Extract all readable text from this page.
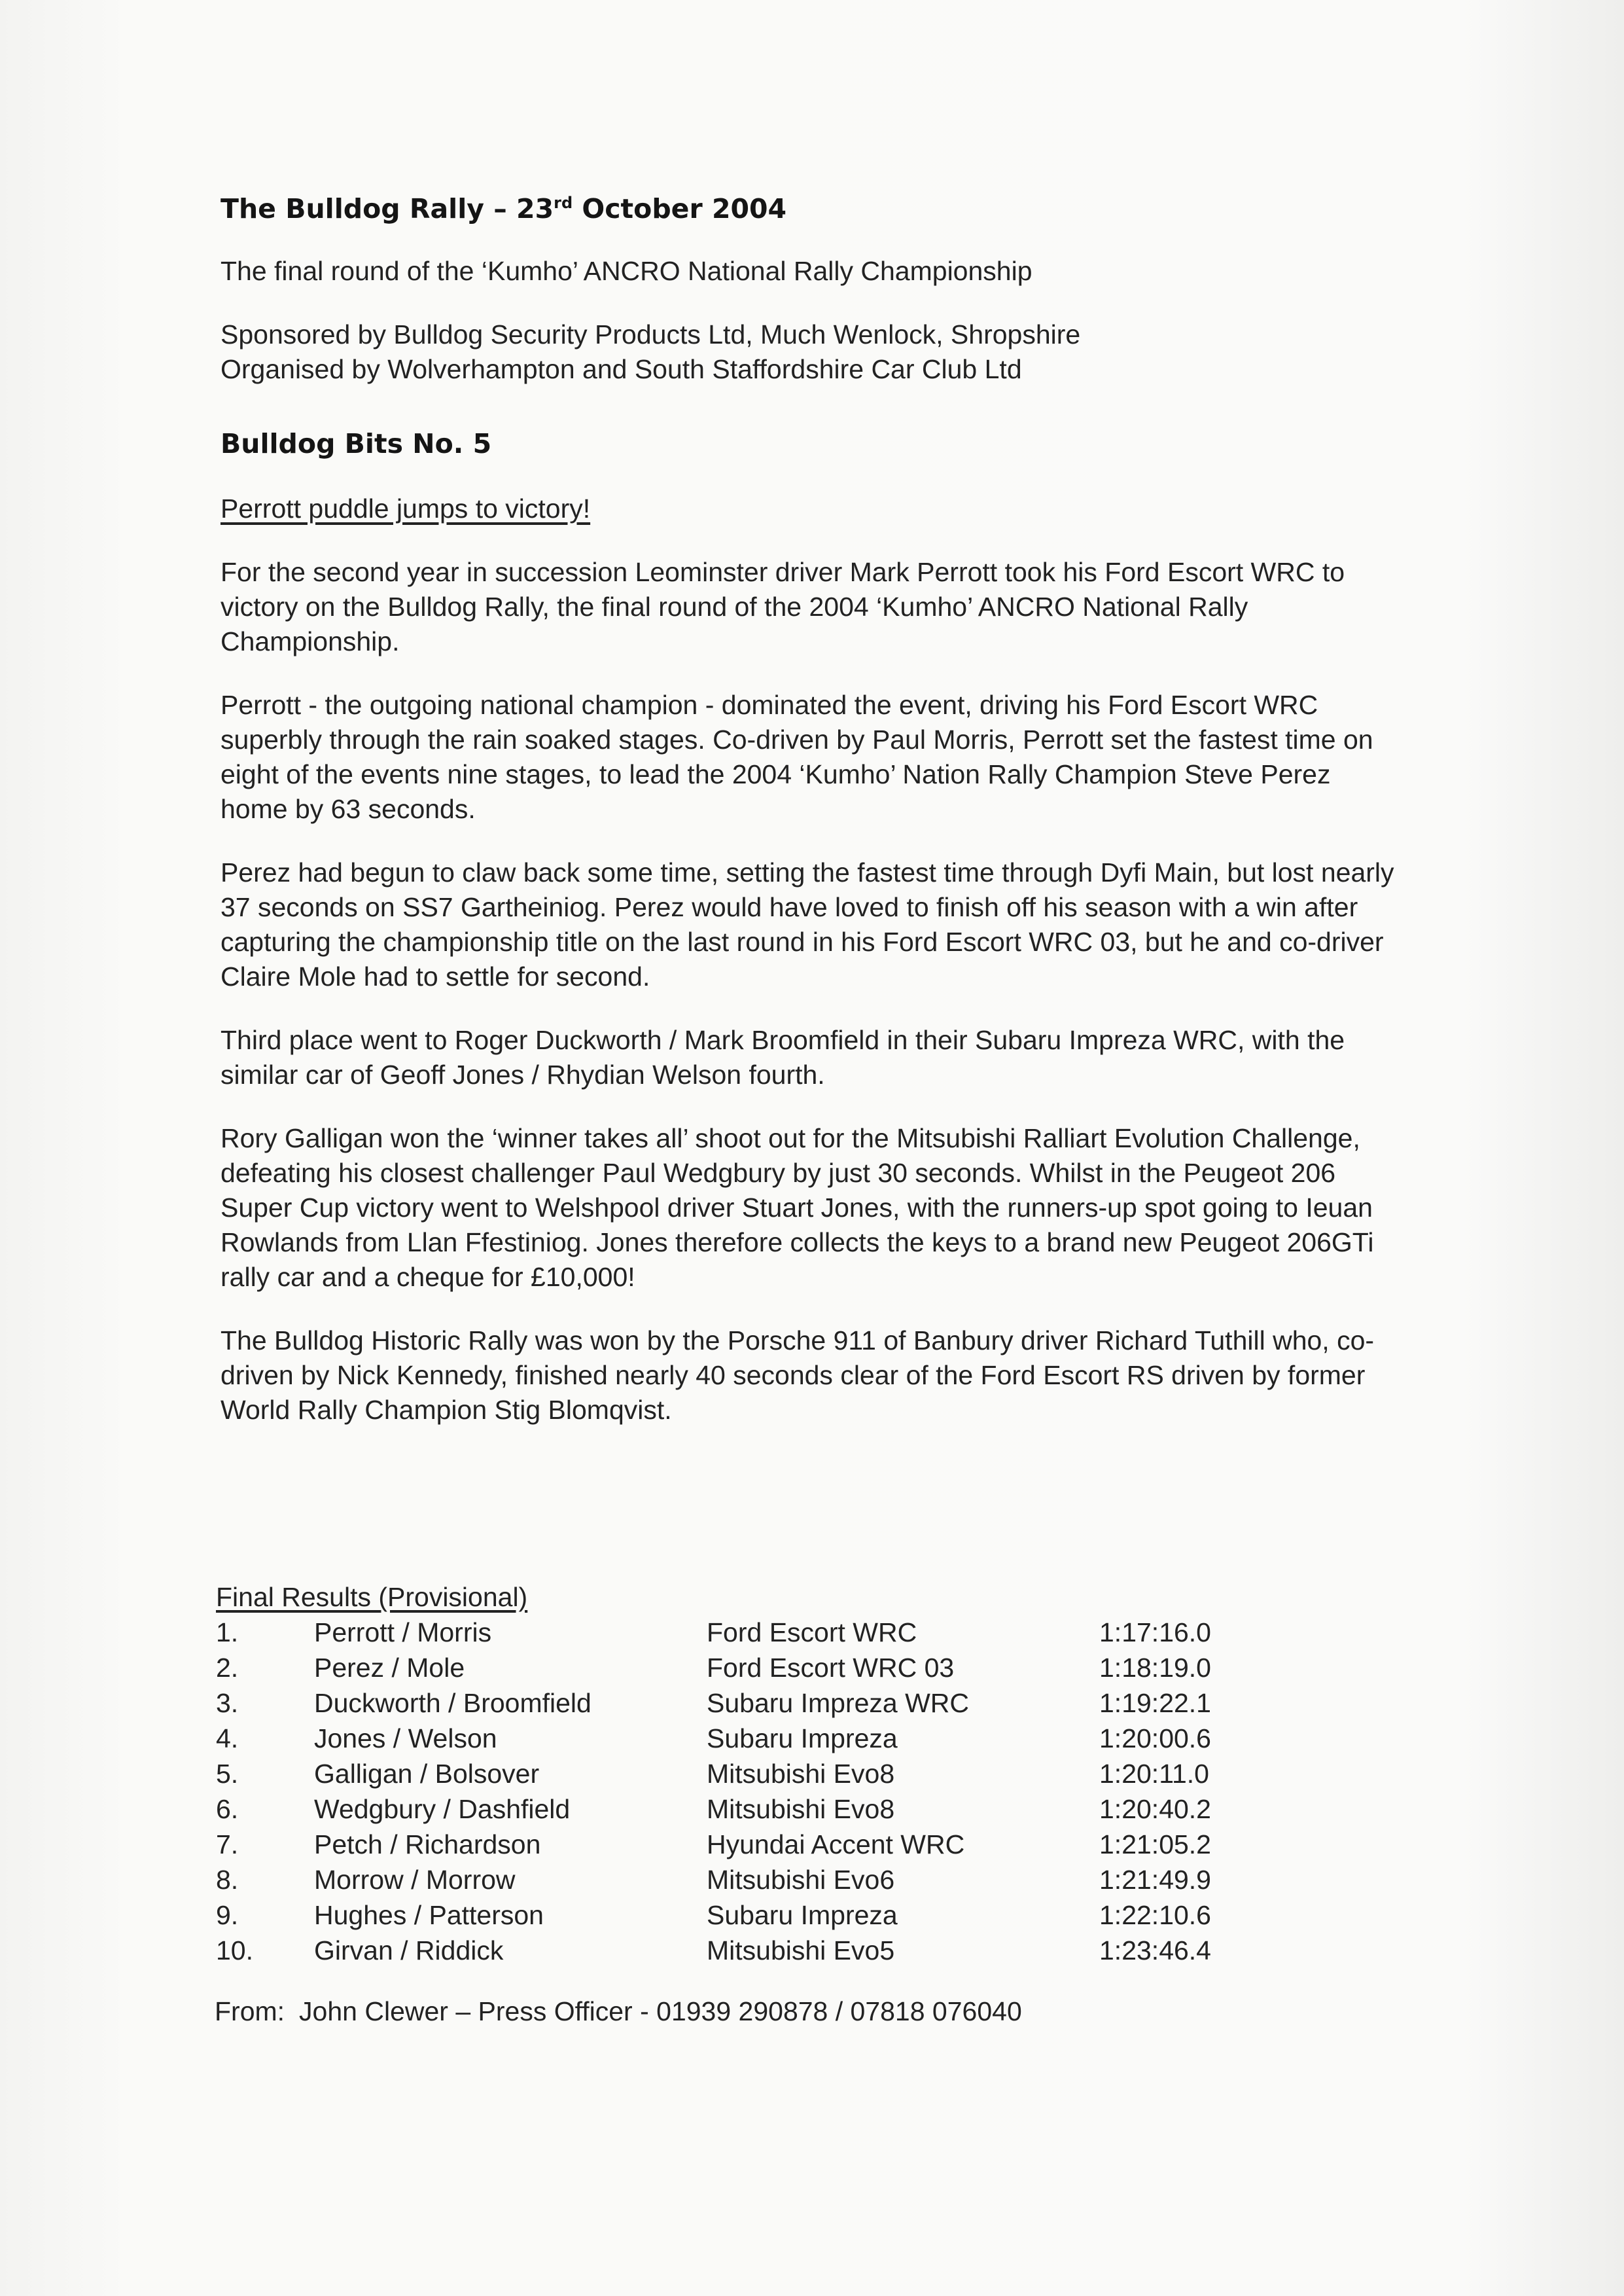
The Bulldog Rally – 23rd October 2004

The final round of the ‘Kumho’ ANCRO National Rally Championship

Sponsored by Bulldog Security Products Ltd, Much Wenlock, Shropshire

Organised by Wolverhampton and South Staffordshire Car Club Ltd

Bulldog Bits No. 5

Perrott puddle jumps to victory!

For the second year in succession Leominster driver Mark Perrott took his Ford Escort WRC to victory on the Bulldog Rally, the final round of the 2004 ‘Kumho’ ANCRO National Rally Championship.

Perrott - the outgoing national champion - dominated the event, driving his Ford Escort WRC superbly through the rain soaked stages. Co-driven by Paul Morris, Perrott set the fastest time on eight of the events nine stages, to lead the 2004 ‘Kumho’ Nation Rally Champion Steve Perez home by 63 seconds.

Perez had begun to claw back some time, setting the fastest time through Dyfi Main, but lost nearly 37 seconds on SS7 Gartheiniog. Perez would have loved to finish off his season with a win after capturing the championship title on the last round in his Ford Escort WRC 03, but he and co-driver Claire Mole had to settle for second.

Third place went to Roger Duckworth / Mark Broomfield in their Subaru Impreza WRC, with the similar car of Geoff Jones / Rhydian Welson fourth.

Rory Galligan won the ‘winner takes all’ shoot out for the Mitsubishi Ralliart Evolution Challenge, defeating his closest challenger Paul Wedgbury by just 30 seconds. Whilst in the Peugeot 206 Super Cup victory went to Welshpool driver Stuart Jones, with the runners-up spot going to Ieuan Rowlands from Llan Ffestiniog. Jones therefore collects the keys to a brand new Peugeot 206GTi rally car and a cheque for £10,000!

The Bulldog Historic Rally was won by the Porsche 911 of Banbury driver Richard Tuthill who, co-driven by Nick Kennedy, finished nearly 40 seconds clear of the Ford Escort RS driven by former World Rally Champion Stig Blomqvist.

Final Results (Provisional)
1.	Perrott / Morris	Ford Escort WRC	1:17:16.0
2.	Perez / Mole	Ford Escort WRC 03	1:18:19.0
3.	Duckworth / Broomfield	Subaru Impreza WRC	1:19:22.1
4.	Jones / Welson	Subaru Impreza	1:20:00.6
5.	Galligan / Bolsover	Mitsubishi Evo8	1:20:11.0
6.	Wedgbury / Dashfield	Mitsubishi Evo8	1:20:40.2
7.	Petch / Richardson	Hyundai Accent WRC	1:21:05.2
8.	Morrow / Morrow	Mitsubishi Evo6	1:21:49.9
9.	Hughes / Patterson	Subaru Impreza	1:22:10.6
10.	Girvan / Riddick	Mitsubishi Evo5	1:23:46.4
From: John Clewer – Press Officer - 01939 290878 / 07818 076040
